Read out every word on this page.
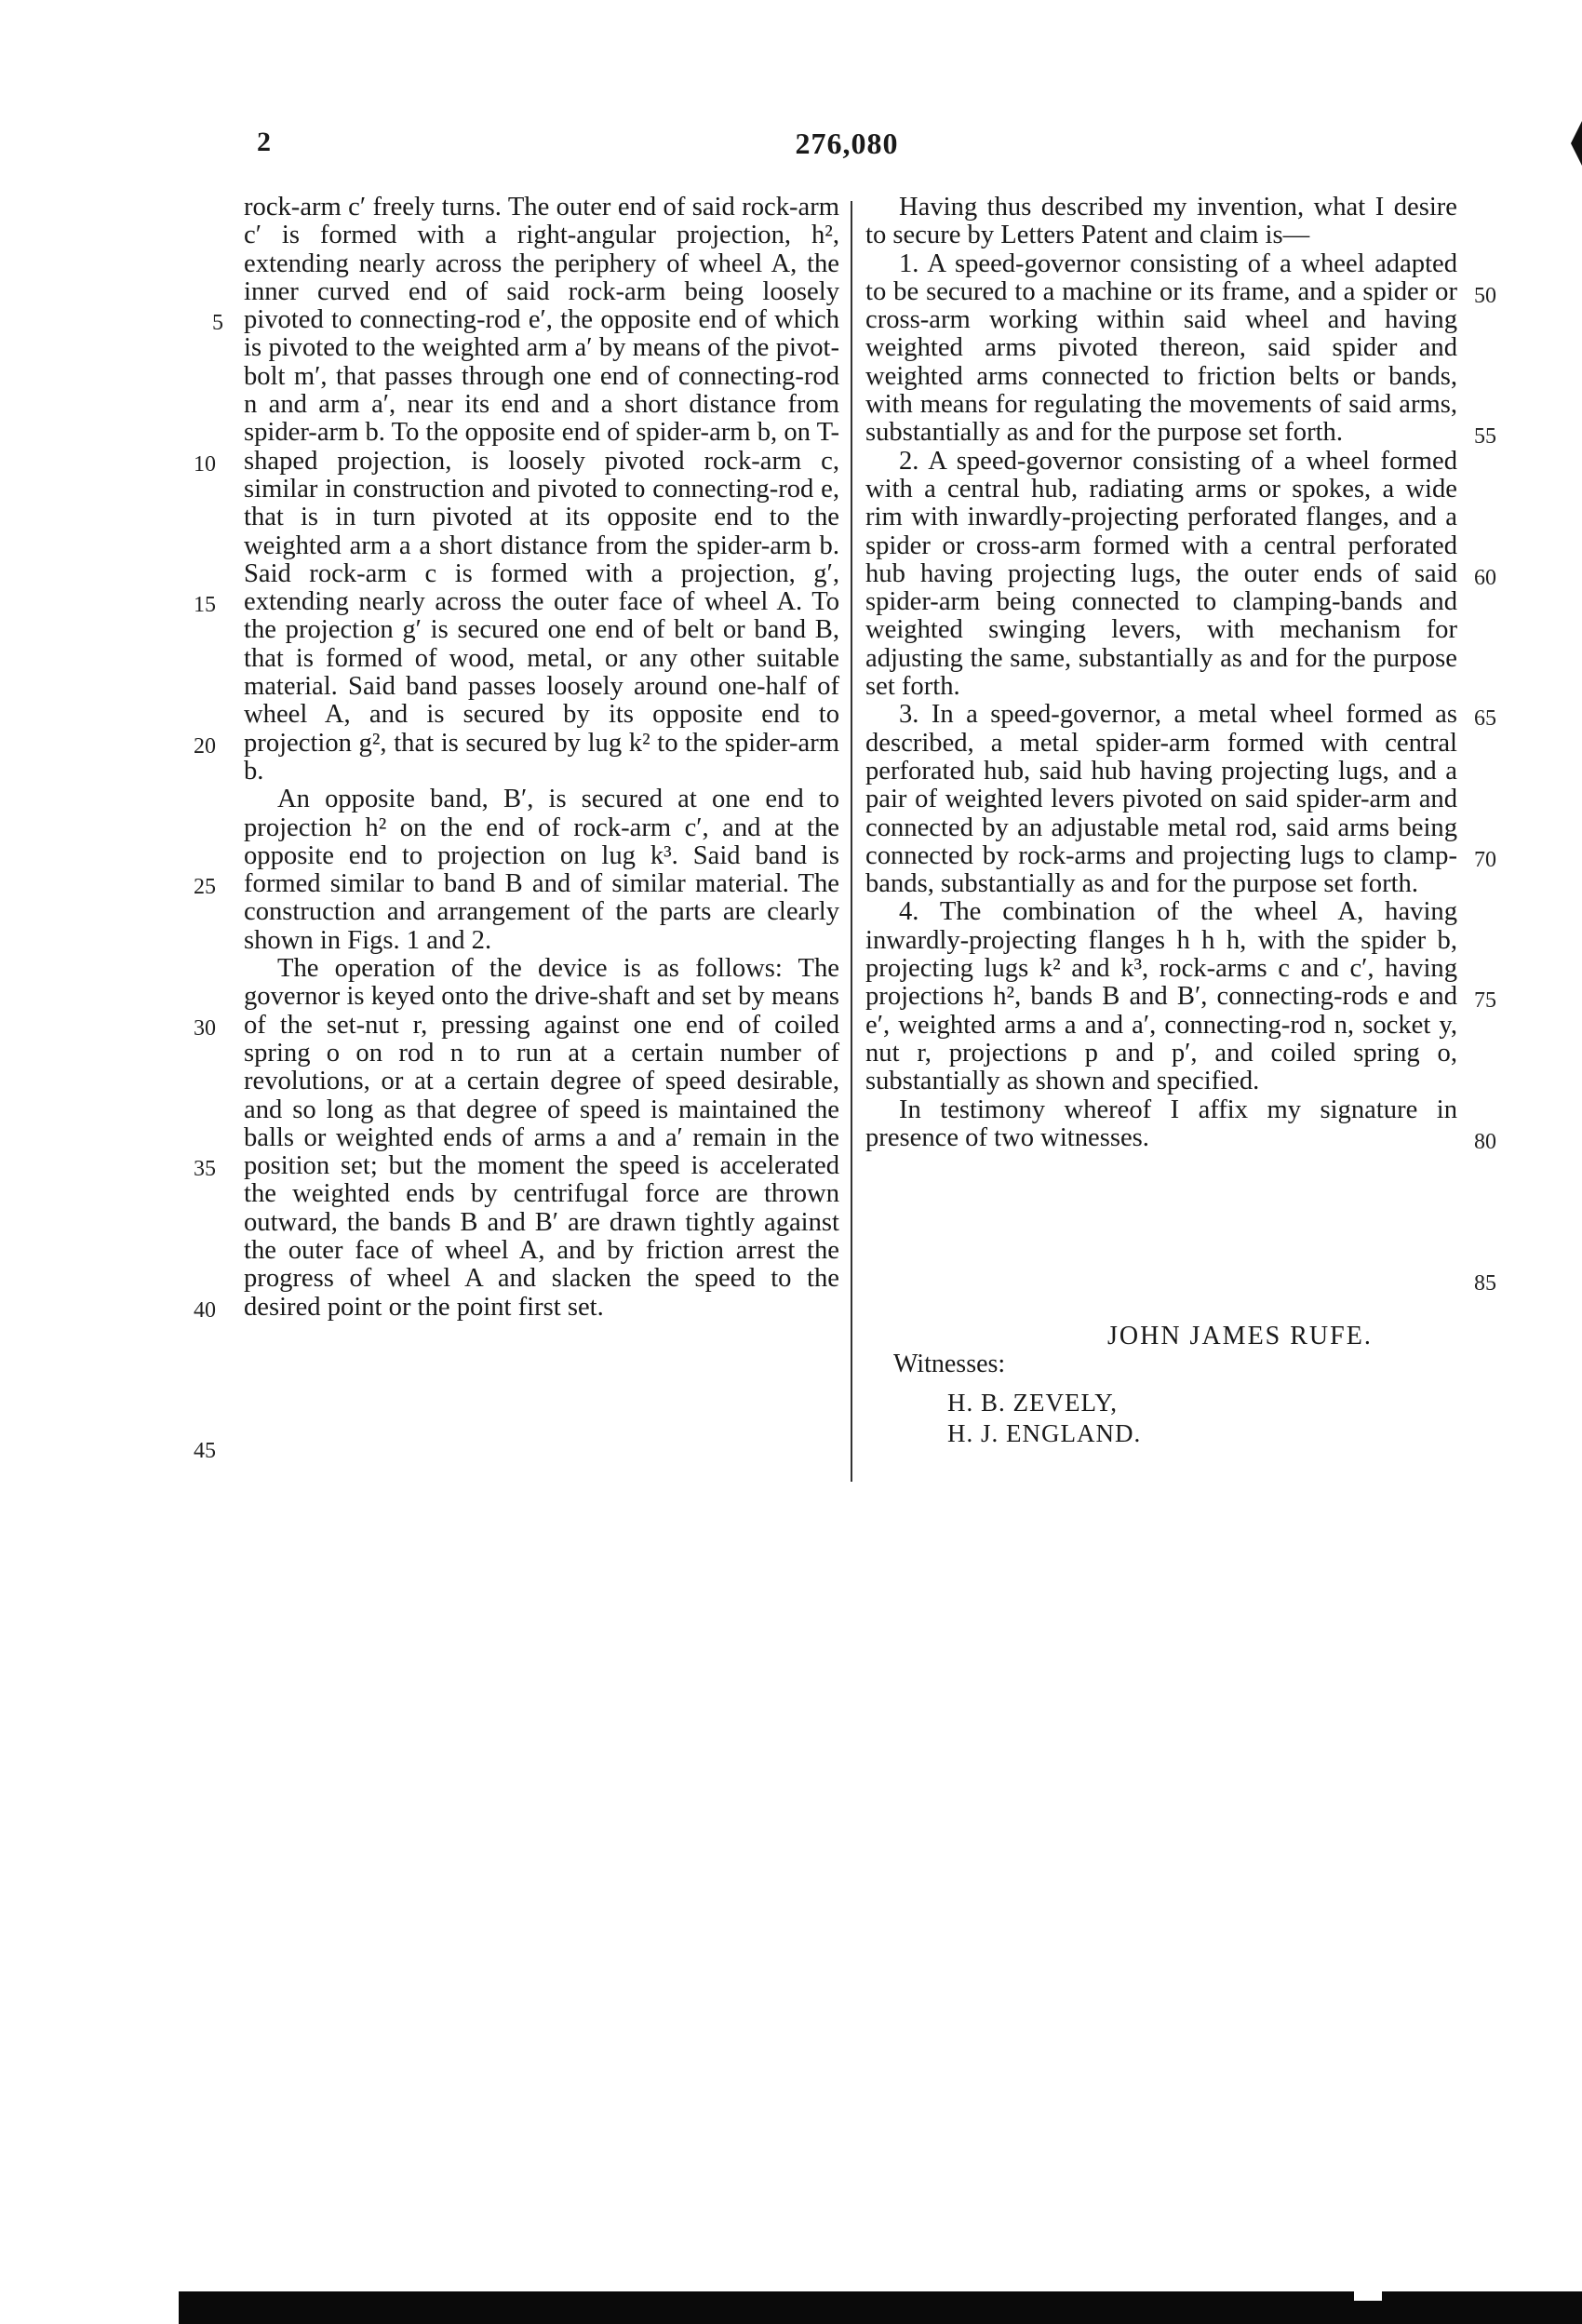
2	276,080

rock-arm c′ freely turns. The outer end of said rock-arm c′ is formed with a right-angular projection, h², extending nearly across the periphery of wheel A, the inner curved end of said rock-arm being loosely pivoted to connecting-rod e′, the opposite end of which is pivoted to the weighted arm a′ by means of the pivot-bolt m′, that passes through one end of connecting-rod n and arm a′, near its end and a short distance from spider-arm b. To the opposite end of spider-arm b, on T-shaped projection, is loosely pivoted rock-arm c, similar in construction and pivoted to connecting-rod e, that is in turn pivoted at its opposite end to the weighted arm a a short distance from the spider-arm b. Said rock-arm c is formed with a projection, g′, extending nearly across the outer face of wheel A. To the projection g′ is secured one end of belt or band B, that is formed of wood, metal, or any other suitable material. Said band passes loosely around one-half of wheel A, and is secured by its opposite end to projection g², that is secured by lug k² to the spider-arm b.

An opposite band, B′, is secured at one end to projection h² on the end of rock-arm c′, and at the opposite end to projection on lug k³. Said band is formed similar to band B and of similar material. The construction and arrangement of the parts are clearly shown in Figs. 1 and 2.

The operation of the device is as follows: The governor is keyed onto the drive-shaft and set by means of the set-nut r, pressing against one end of coiled spring o on rod n to run at a certain number of revolutions, or at a certain degree of speed desirable, and so long as that degree of speed is maintained the balls or weighted ends of arms a and a′ remain in the position set; but the moment the speed is accelerated the weighted ends by centrifugal force are thrown outward, the bands B and B′ are drawn tightly against the outer face of wheel A, and by friction arrest the progress of wheel A and slacken the speed to the desired point or the point first set.

Having thus described my invention, what I desire to secure by Letters Patent and claim is—

1. A speed-governor consisting of a wheel adapted to be secured to a machine or its frame, and a spider or cross-arm working within said wheel and having weighted arms pivoted thereon, said spider and weighted arms connected to friction belts or bands, with means for regulating the movements of said arms, substantially as and for the purpose set forth.

2. A speed-governor consisting of a wheel formed with a central hub, radiating arms or spokes, a wide rim with inwardly-projecting perforated flanges, and a spider or cross-arm formed with a central perforated hub having projecting lugs, the outer ends of said spider-arm being connected to clamping-bands and weighted swinging levers, with mechanism for adjusting the same, substantially as and for the purpose set forth.

3. In a speed-governor, a metal wheel formed as described, a metal spider-arm formed with central perforated hub, said hub having projecting lugs, and a pair of weighted levers pivoted on said spider-arm and connected by an adjustable metal rod, said arms being connected by rock-arms and projecting lugs to clamp-bands, substantially as and for the purpose set forth.

4. The combination of the wheel A, having inwardly-projecting flanges h h h, with the spider b, projecting lugs k² and k³, rock-arms c and c′, having projections h², bands B and B′, connecting-rods e and e′, weighted arms a and a′, connecting-rod n, socket y, nut r, projections p and p′, and coiled spring o, substantially as shown and specified.

In testimony whereof I affix my signature in presence of two witnesses.

JOHN JAMES RUFE.
Witnesses:
H. B. ZEVELY,
H. J. ENGLAND.
5
10
15
20
25
30
35
40
45
50
55
60
65
70
75
80
85
